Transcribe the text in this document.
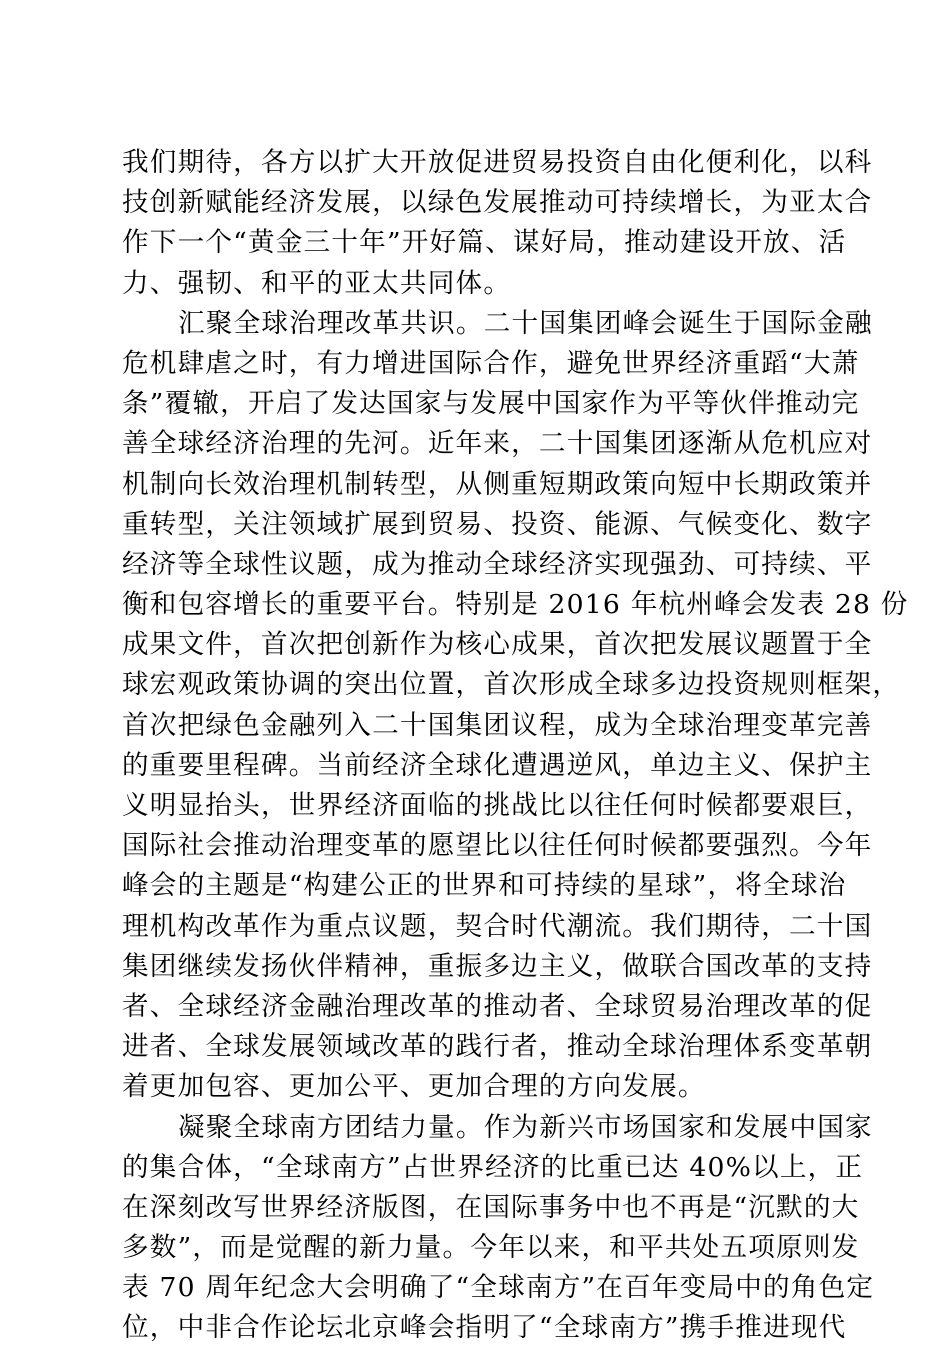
我们期待，各方以扩大开放促进贸易投资自由化便利化，以科
技创新赋能经济发展，以绿色发展推动可持续增长，为亚太合
作下一个“黄金三十年”开好篇、谋好局，推动建设开放、活
力、强韧、和平的亚太共同体。
汇聚全球治理改革共识。二十国集团峰会诞生于国际金融
危机肆虐之时，有力增进国际合作，避免世界经济重蹈“大萧
条”覆辙，开启了发达国家与发展中国家作为平等伙伴推动完
善全球经济治理的先河。近年来，二十国集团逐渐从危机应对
机制向长效治理机制转型，从侧重短期政策向短中长期政策并
重转型，关注领域扩展到贸易、投资、能源、气候变化、数字
经济等全球性议题，成为推动全球经济实现强劲、可持续、平
衡和包容增长的重要平台。特别是 2016 年杭州峰会发表 28 份
成果文件，首次把创新作为核心成果，首次把发展议题置于全
球宏观政策协调的突出位置，首次形成全球多边投资规则框架，
首次把绿色金融列入二十国集团议程，成为全球治理变革完善
的重要里程碑。当前经济全球化遭遇逆风，单边主义、保护主
义明显抬头，世界经济面临的挑战比以往任何时候都要艰巨，
国际社会推动治理变革的愿望比以往任何时候都要强烈。今年
峰会的主题是“构建公正的世界和可持续的星球”，将全球治
理机构改革作为重点议题，契合时代潮流。我们期待，二十国
集团继续发扬伙伴精神，重振多边主义，做联合国改革的支持
者、全球经济金融治理改革的推动者、全球贸易治理改革的促
进者、全球发展领域改革的践行者，推动全球治理体系变革朝
着更加包容、更加公平、更加合理的方向发展。
凝聚全球南方团结力量。作为新兴市场国家和发展中国家
的集合体，“全球南方”占世界经济的比重已达 40%以上，正
在深刻改写世界经济版图，在国际事务中也不再是“沉默的大
多数”，而是觉醒的新力量。今年以来，和平共处五项原则发
表 70 周年纪念大会明确了“全球南方”在百年变局中的角色定
位，中非合作论坛北京峰会指明了“全球南方”携手推进现代
